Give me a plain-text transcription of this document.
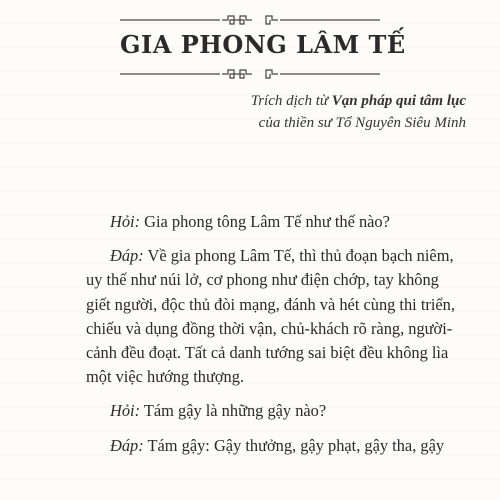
GIA PHONG LÂM TẾ
Trích dịch từ Vạn pháp qui tâm lục
của thiền sư Tổ Nguyên Siêu Minh
Hỏi: Gia phong tông Lâm Tế như thế nào?
Đáp: Về gia phong Lâm Tế, thì thủ đoạn bạch niêm,
uy thế như núi lở, cơ phong như điện chớp, tay không
giết người, độc thủ đòi mạng, đánh và hét cùng thi triển,
chiếu và dụng đồng thời vận, chủ-khách rõ ràng, người-
cảnh đều đoạt. Tất cả danh tướng sai biệt đều không lìa
một việc hướng thượng.
Hỏi: Tám gậy là những gậy nào?
Đáp: Tám gậy: Gậy thưởng, gậy phạt, gậy tha, gậy
